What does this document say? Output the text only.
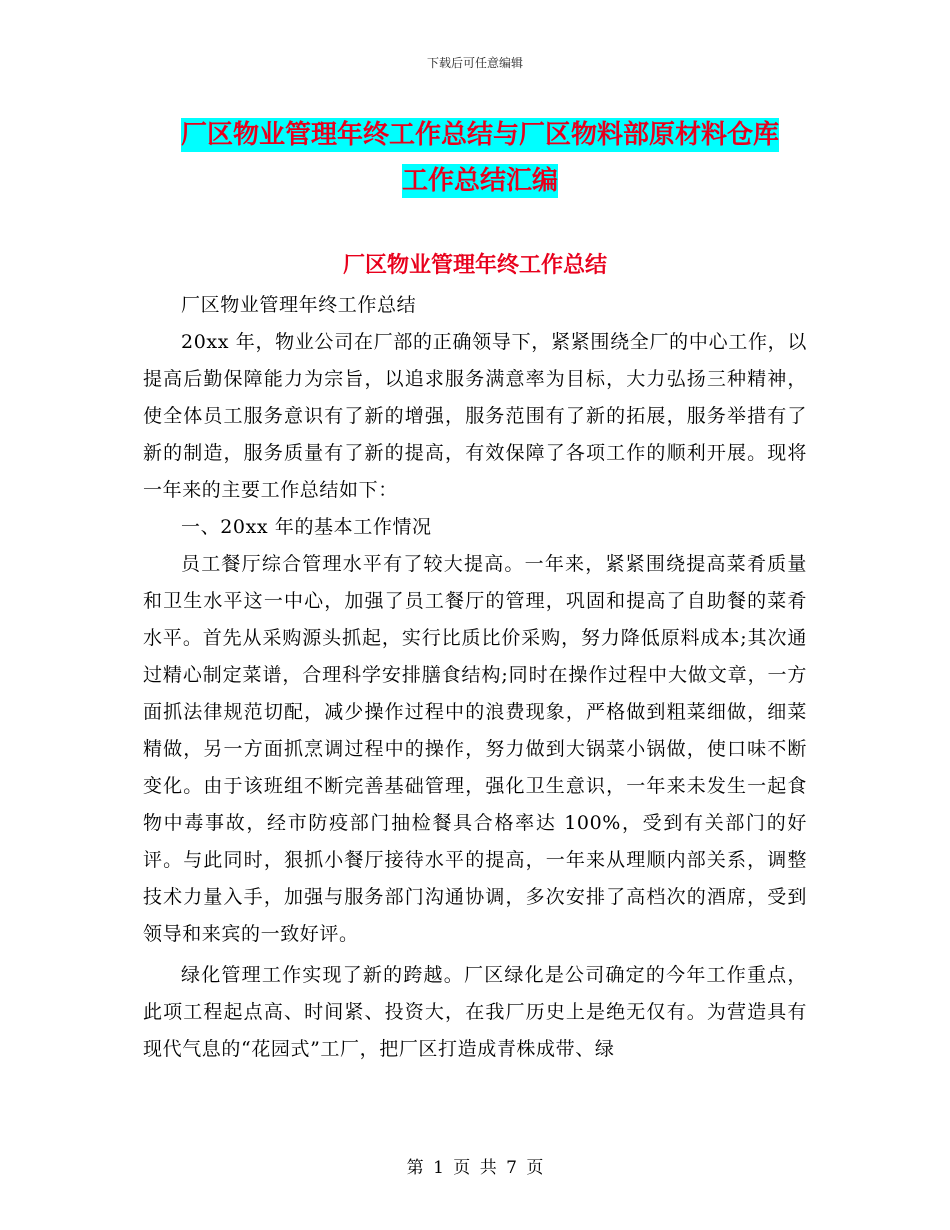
下载后可任意编辑
厂区物业管理年终工作总结与厂区物料部原材料仓库
工作总结汇编
厂区物业管理年终工作总结

厂区物业管理年终工作总结

20xx 年，物业公司在厂部的正确领导下，紧紧围绕全厂的中心工作，以提高后勤保障能力为宗旨，以追求服务满意率为目标，大力弘扬三种精神，使全体员工服务意识有了新的增强，服务范围有了新的拓展，服务举措有了新的制造，服务质量有了新的提高，有效保障了各项工作的顺利开展。现将一年来的主要工作总结如下：

一、20xx 年的基本工作情况

员工餐厅综合管理水平有了较大提高。一年来，紧紧围绕提高菜肴质量和卫生水平这一中心，加强了员工餐厅的管理，巩固和提高了自助餐的菜肴水平。首先从采购源头抓起，实行比质比价采购，努力降低原料成本;其次通过精心制定菜谱，合理科学安排膳食结构;同时在操作过程中大做文章，一方面抓法律规范切配，减少操作过程中的浪费现象，严格做到粗菜细做，细菜精做，另一方面抓烹调过程中的操作，努力做到大锅菜小锅做，使口味不断变化。由于该班组不断完善基础管理，强化卫生意识，一年来未发生一起食物中毒事故，经市防疫部门抽检餐具合格率达 100%，受到有关部门的好评。与此同时，狠抓小餐厅接待水平的提高，一年来从理顺内部关系，调整技术力量入手，加强与服务部门沟通协调，多次安排了高档次的酒席，受到领导和来宾的一致好评。

绿化管理工作实现了新的跨越。厂区绿化是公司确定的今年工作重点，此项工程起点高、时间紧、投资大，在我厂历史上是绝无仅有。为营造具有现代气息的“花园式”工厂，把厂区打造成青株成带、绿

第 1 页 共 7 页
